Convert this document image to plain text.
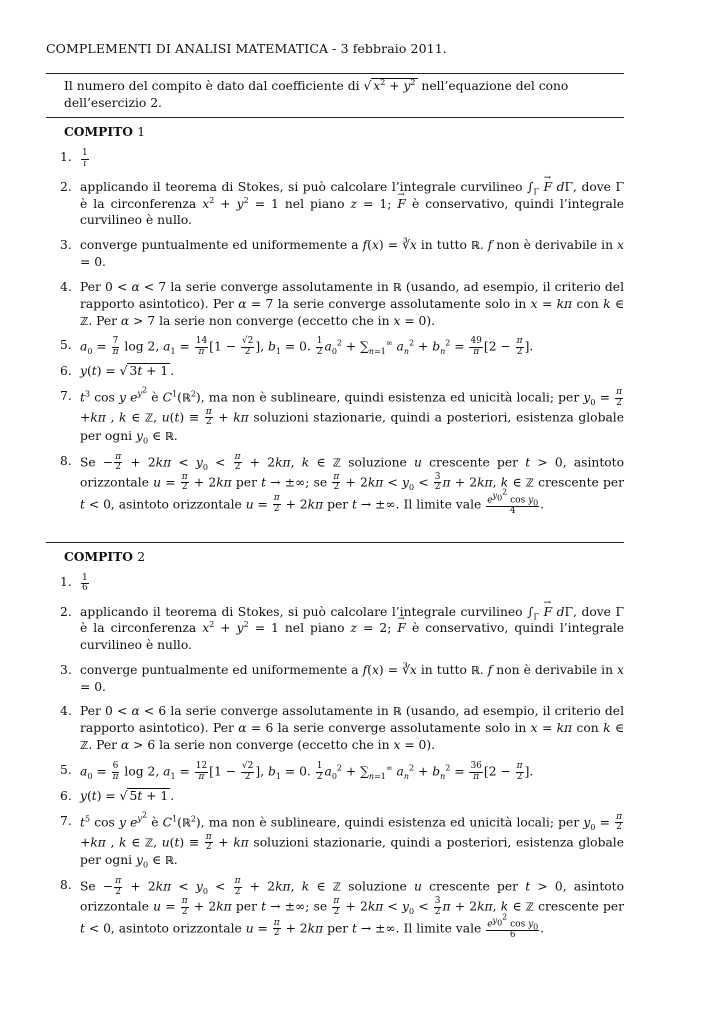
COMPLEMENTI DI ANALISI MATEMATICA - 3 febbraio 2011.
Il numero del compito è dato dal coefficiente di √ $x^2 + y^2$ nell’equazione del cono dell’esercizio 2.
COMPITO 1
1.	$\frac{1}{i}$
2. applicando il teorema di Stokes, si può calcolare l’integrale curvilineo $\int_\Gamma \to F$ dΓ, dove Γ è la circonferenza $x^2 + y^2 = 1$ nel piano z = 1; → F è conservativo, quindi l’integrale curvilineo è nullo.
3. converge puntualmente ed uniformemente a f(x) = ∛x in tutto ℝ. f non è derivabile in x = 0.
4. Per 0 < α < 7 la serie converge assolutamente in ℝ (usando, ad esempio, il criterio del rapporto asintotico). Per α = 7 la serie converge assolutamente solo in x = kπ con k ∈ ℤ. Per α > 7 la serie non converge (eccetto che in x = 0).
5. $a_0 = \frac{7}{\pi}$ log 2, $a_1 = \frac{14}{\pi} [1 - \frac{√2}{2}$ ], $b_1 = 0$. $\frac{1}{2} a_0^2 + \sum_{n=1}^\infty$ $a_n^2 + b_n^2 = \frac{49}{\pi} [2 - \frac{\pi}{2}$ ].
6. y(t) = √ 3t + 1 .
7. $t^3$ cos y $e^{y^2}$ è $C^1(ℝ^2)$, ma non è sublineare, quindi esistenza ed unicità locali; per $y_0 = \frac{\pi}{2}$
+kπ , k ∈ ℤ, $u(t) \equiv \frac{\pi}{2} + k\pi$ soluzioni stazionarie, quindi a posteriori, esistenza globale per ogni $y_0$ ∈ ℝ.
8. $Se - \frac{\pi}{2} + 2k\pi < y_0 < \frac{\pi}{2} + 2k\pi$, k ∈ ℤ soluzione u crescente per t > 0, asintoto orizzontale $u = \frac{\pi}{2} + 2k\pi$ per t → ±∞; se $\frac{\pi}{2} + 2k\pi < y_0 < \frac{3}{2}$ π + 2kπ, k ∈ ℤ crescente per t < 0, asintoto orizzontale $u = \frac{\pi}{2} + 2k\pi$ per t → ±∞. Il limite vale $\frac{e^{y_0^2} \cos y_0}{4}$ .
COMPITO 2
1.	$\frac{1}{6}$
2. applicando il teorema di Stokes, si può calcolare l’integrale curvilineo $\int_\Gamma \to F$ dΓ, dove Γ è la circonferenza $x^2 + y^2 = 1$ nel piano z = 2; → F è conservativo, quindi l’integrale curvilineo è nullo.
3. converge puntualmente ed uniformemente a f(x) = ∛x in tutto ℝ. f non è derivabile in x = 0.
4. Per 0 < α < 6 la serie converge assolutamente in ℝ (usando, ad esempio, il criterio del rapporto asintotico). Per α = 6 la serie converge assolutamente solo in x = kπ con k ∈ ℤ. Per α > 6 la serie non converge (eccetto che in x = 0).
5. $a_0 = \frac{6}{\pi}$ log 2, $a_1 = \frac{12}{\pi} [1 - \frac{√2}{2}$ ], $b_1 = 0$. $\frac{1}{2} a_0^2 + \sum_{n=1}^\infty$ $a_n^2 + b_n^2 = \frac{36}{\pi} [2 - \frac{\pi}{2}$ ].
6. y(t) = √ 5t + 1 .
7. $t^5$ cos y $e^{y^2}$ è $C^1(ℝ^2)$, ma non è sublineare, quindi esistenza ed unicità locali; per $y_0 = \frac{\pi}{2}$
+kπ , k ∈ ℤ, $u(t) \equiv \frac{\pi}{2} + k\pi$ soluzioni stazionarie, quindi a posteriori, esistenza globale per ogni $y_0$ ∈ ℝ.
8. $Se - \frac{\pi}{2} + 2k\pi < y_0 < \frac{\pi}{2} + 2k\pi$, k ∈ ℤ soluzione u crescente per t > 0, asintoto orizzontale $u = \frac{\pi}{2} + 2k\pi$ per t → ±∞; se $\frac{\pi}{2} + 2k\pi < y_0 < \frac{3}{2}$ π + 2kπ, k ∈ ℤ crescente per t < 0, asintoto orizzontale $u = \frac{\pi}{2} + 2k\pi$ per t → ±∞. Il limite vale $\frac{e^{y_0^2} \cos y_0}{6}$ .
